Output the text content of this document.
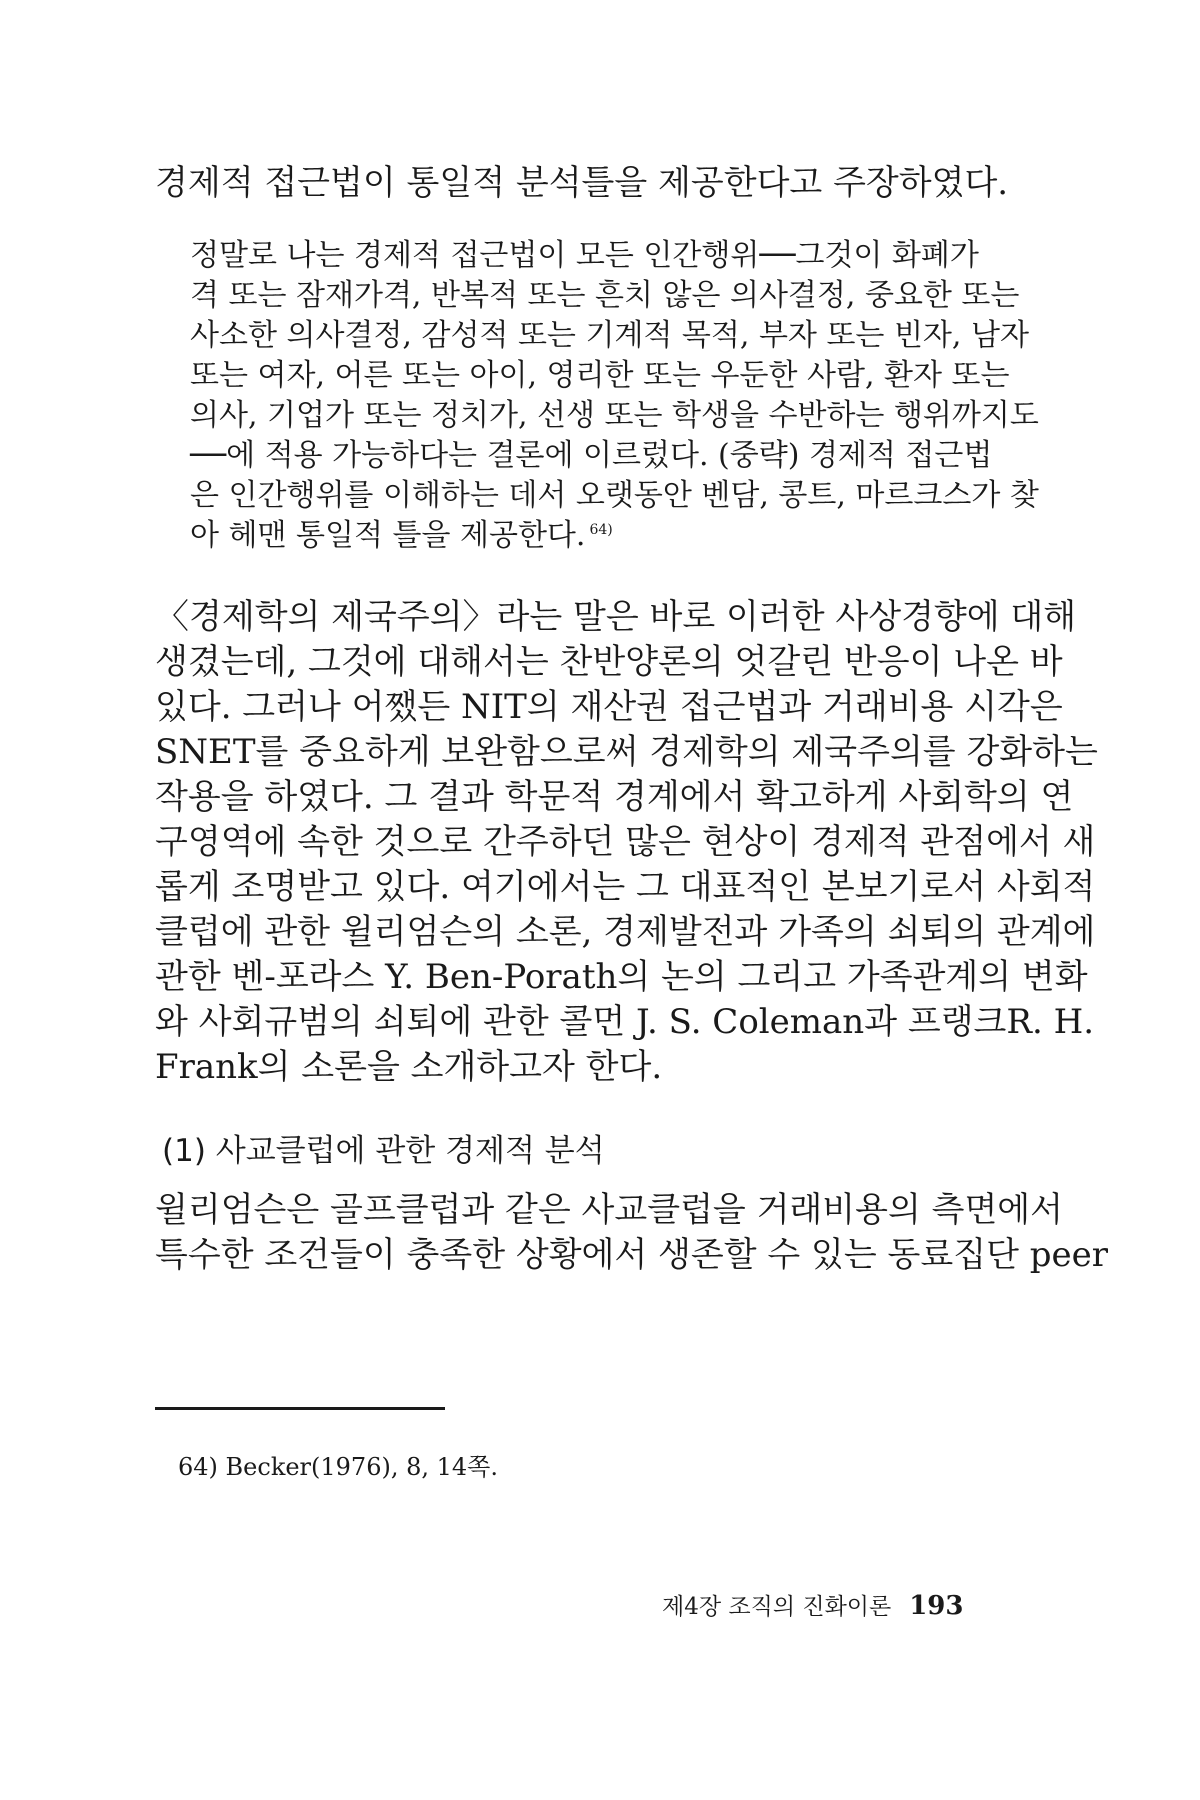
경제적 접근법이 통일적 분석틀을 제공한다고 주장하였다.
정말로 나는 경제적 접근법이 모든 인간행위──그것이 화폐가
격 또는 잠재가격, 반복적 또는 흔치 않은 의사결정, 중요한 또는
사소한 의사결정, 감성적 또는 기계적 목적, 부자 또는 빈자, 남자
또는 여자, 어른 또는 아이, 영리한 또는 우둔한 사람, 환자 또는
의사, 기업가 또는 정치가, 선생 또는 학생을 수반하는 행위까지도
──에 적용 가능하다는 결론에 이르렀다. (중략) 경제적 접근법
은 인간행위를 이해하는 데서 오랫동안 벤담, 콩트, 마르크스가 찾
아 헤맨 통일적 틀을 제공한다. $^{64)}$
〈경제학의 제국주의〉라는 말은 바로 이러한 사상경향에 대해
생겼는데, 그것에 대해서는 찬반양론의 엇갈린 반응이 나온 바
있다. 그러나 어쨌든 NIT의 재산권 접근법과 거래비용 시각은
SNET를 중요하게 보완함으로써 경제학의 제국주의를 강화하는
작용을 하였다. 그 결과 학문적 경계에서 확고하게 사회학의 연
구영역에 속한 것으로 간주하던 많은 현상이 경제적 관점에서 새
롭게 조명받고 있다. 여기에서는 그 대표적인 본보기로서 사회적
클럽에 관한 윌리엄슨의 소론, 경제발전과 가족의 쇠퇴의 관계에
관한 벤-포라스 Y. Ben-Porath의 논의 그리고 가족관계의 변화
와 사회규범의 쇠퇴에 관한 콜먼 J. S. Coleman과 프랭크R. H.
Frank의 소론을 소개하고자 한다.
(1) 사교클럽에 관한 경제적 분석
윌리엄슨은 골프클럽과 같은 사교클럽을 거래비용의 측면에서
특수한 조건들이 충족한 상황에서 생존할 수 있는 동료집단 peer
64) Becker(1976), 8, 14쪽.
제4장 조직의 진화이론 193
